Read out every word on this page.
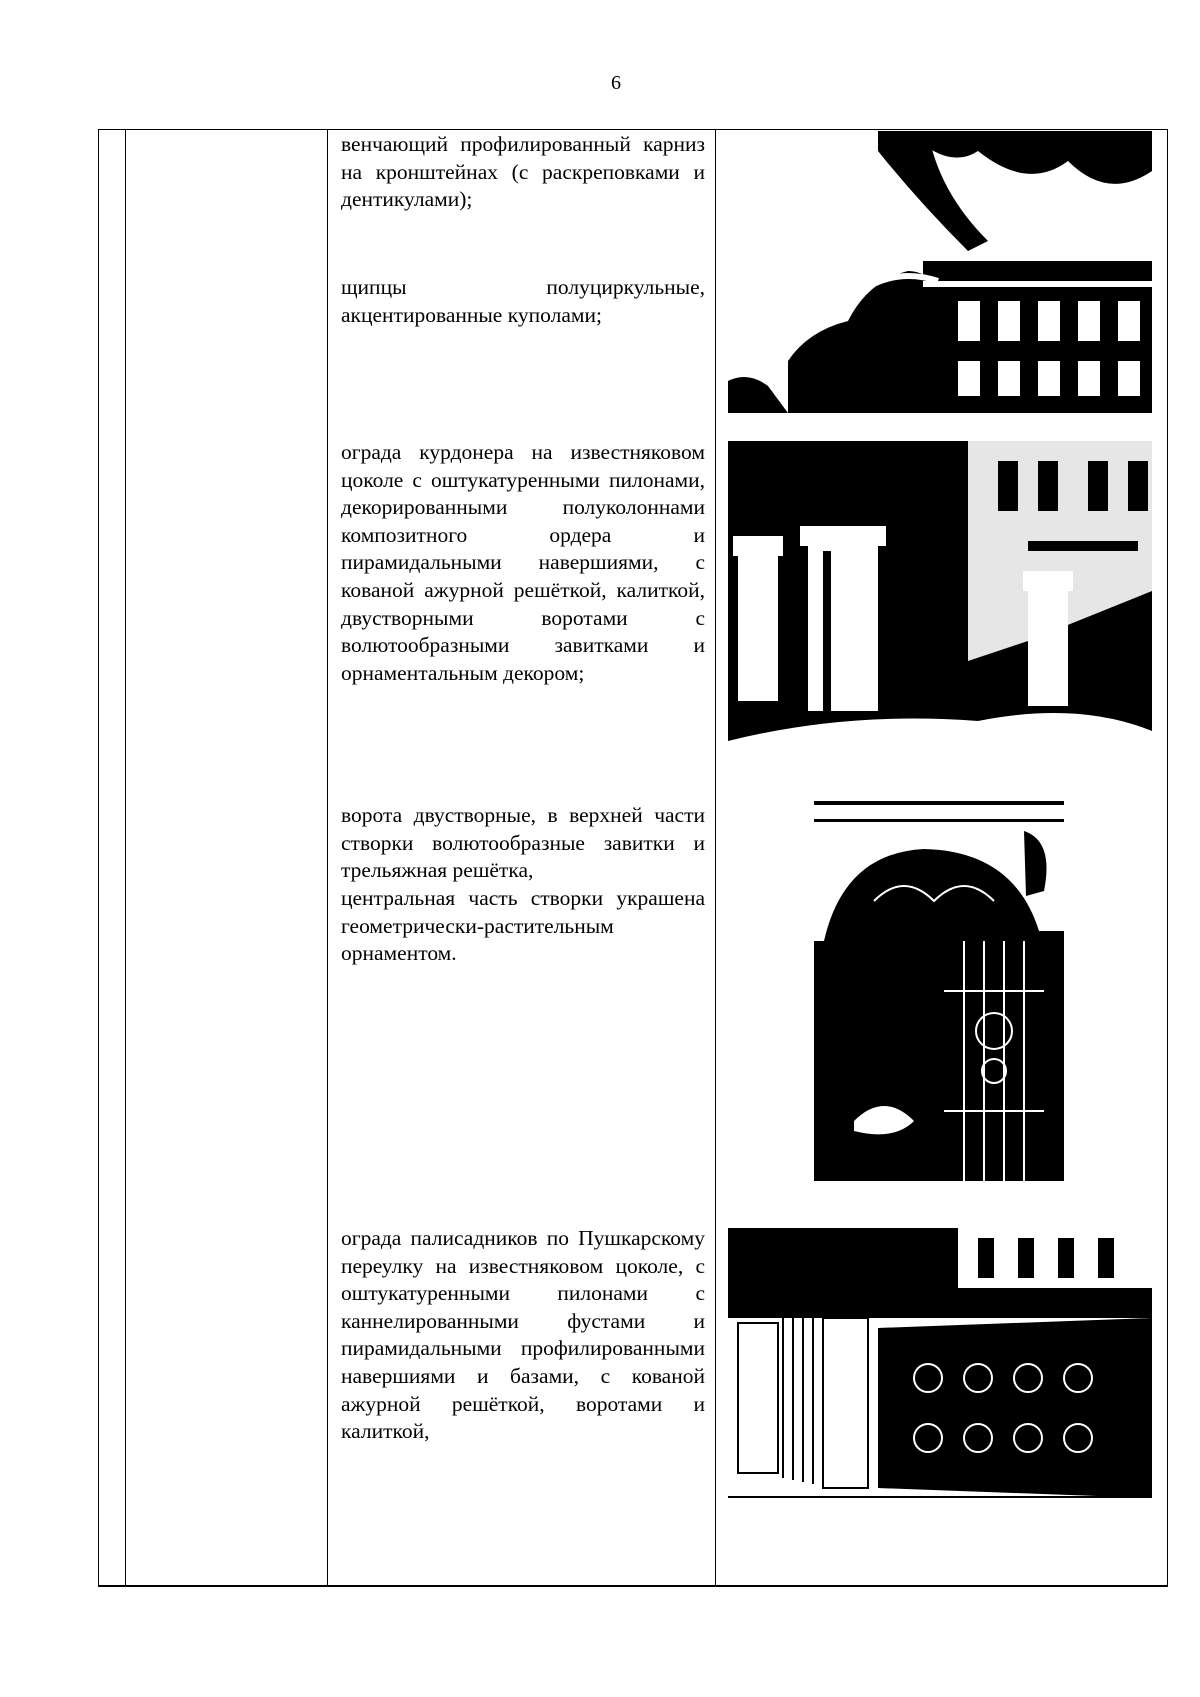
6
венчающий профилированный карниз на кронштейнах (с раскреповками и дентикулами);
щипцы полуциркульные, акцентированные куполами;
ограда курдонера на известняковом цоколе с оштукатуренными пилонами, декорированными полуколоннами композитного ордера и пирамидальными навершиями, с кованой ажурной решёткой, калиткой, двустворными воротами с волютообразными завитками и орнаментальным декором;
ворота двустворные, в верхней части створки волютообразные завитки и трельяжная решётка,
центральная часть створки украшена геометрически-растительным орнаментом.
ограда палисадников по Пушкарскому переулку на известняковом цоколе, с оштукатуренными пилонами с каннелированными фустами и пирамидальными профилированными навершиями и базами, с кованой ажурной решёткой, воротами и калиткой,
Ci
